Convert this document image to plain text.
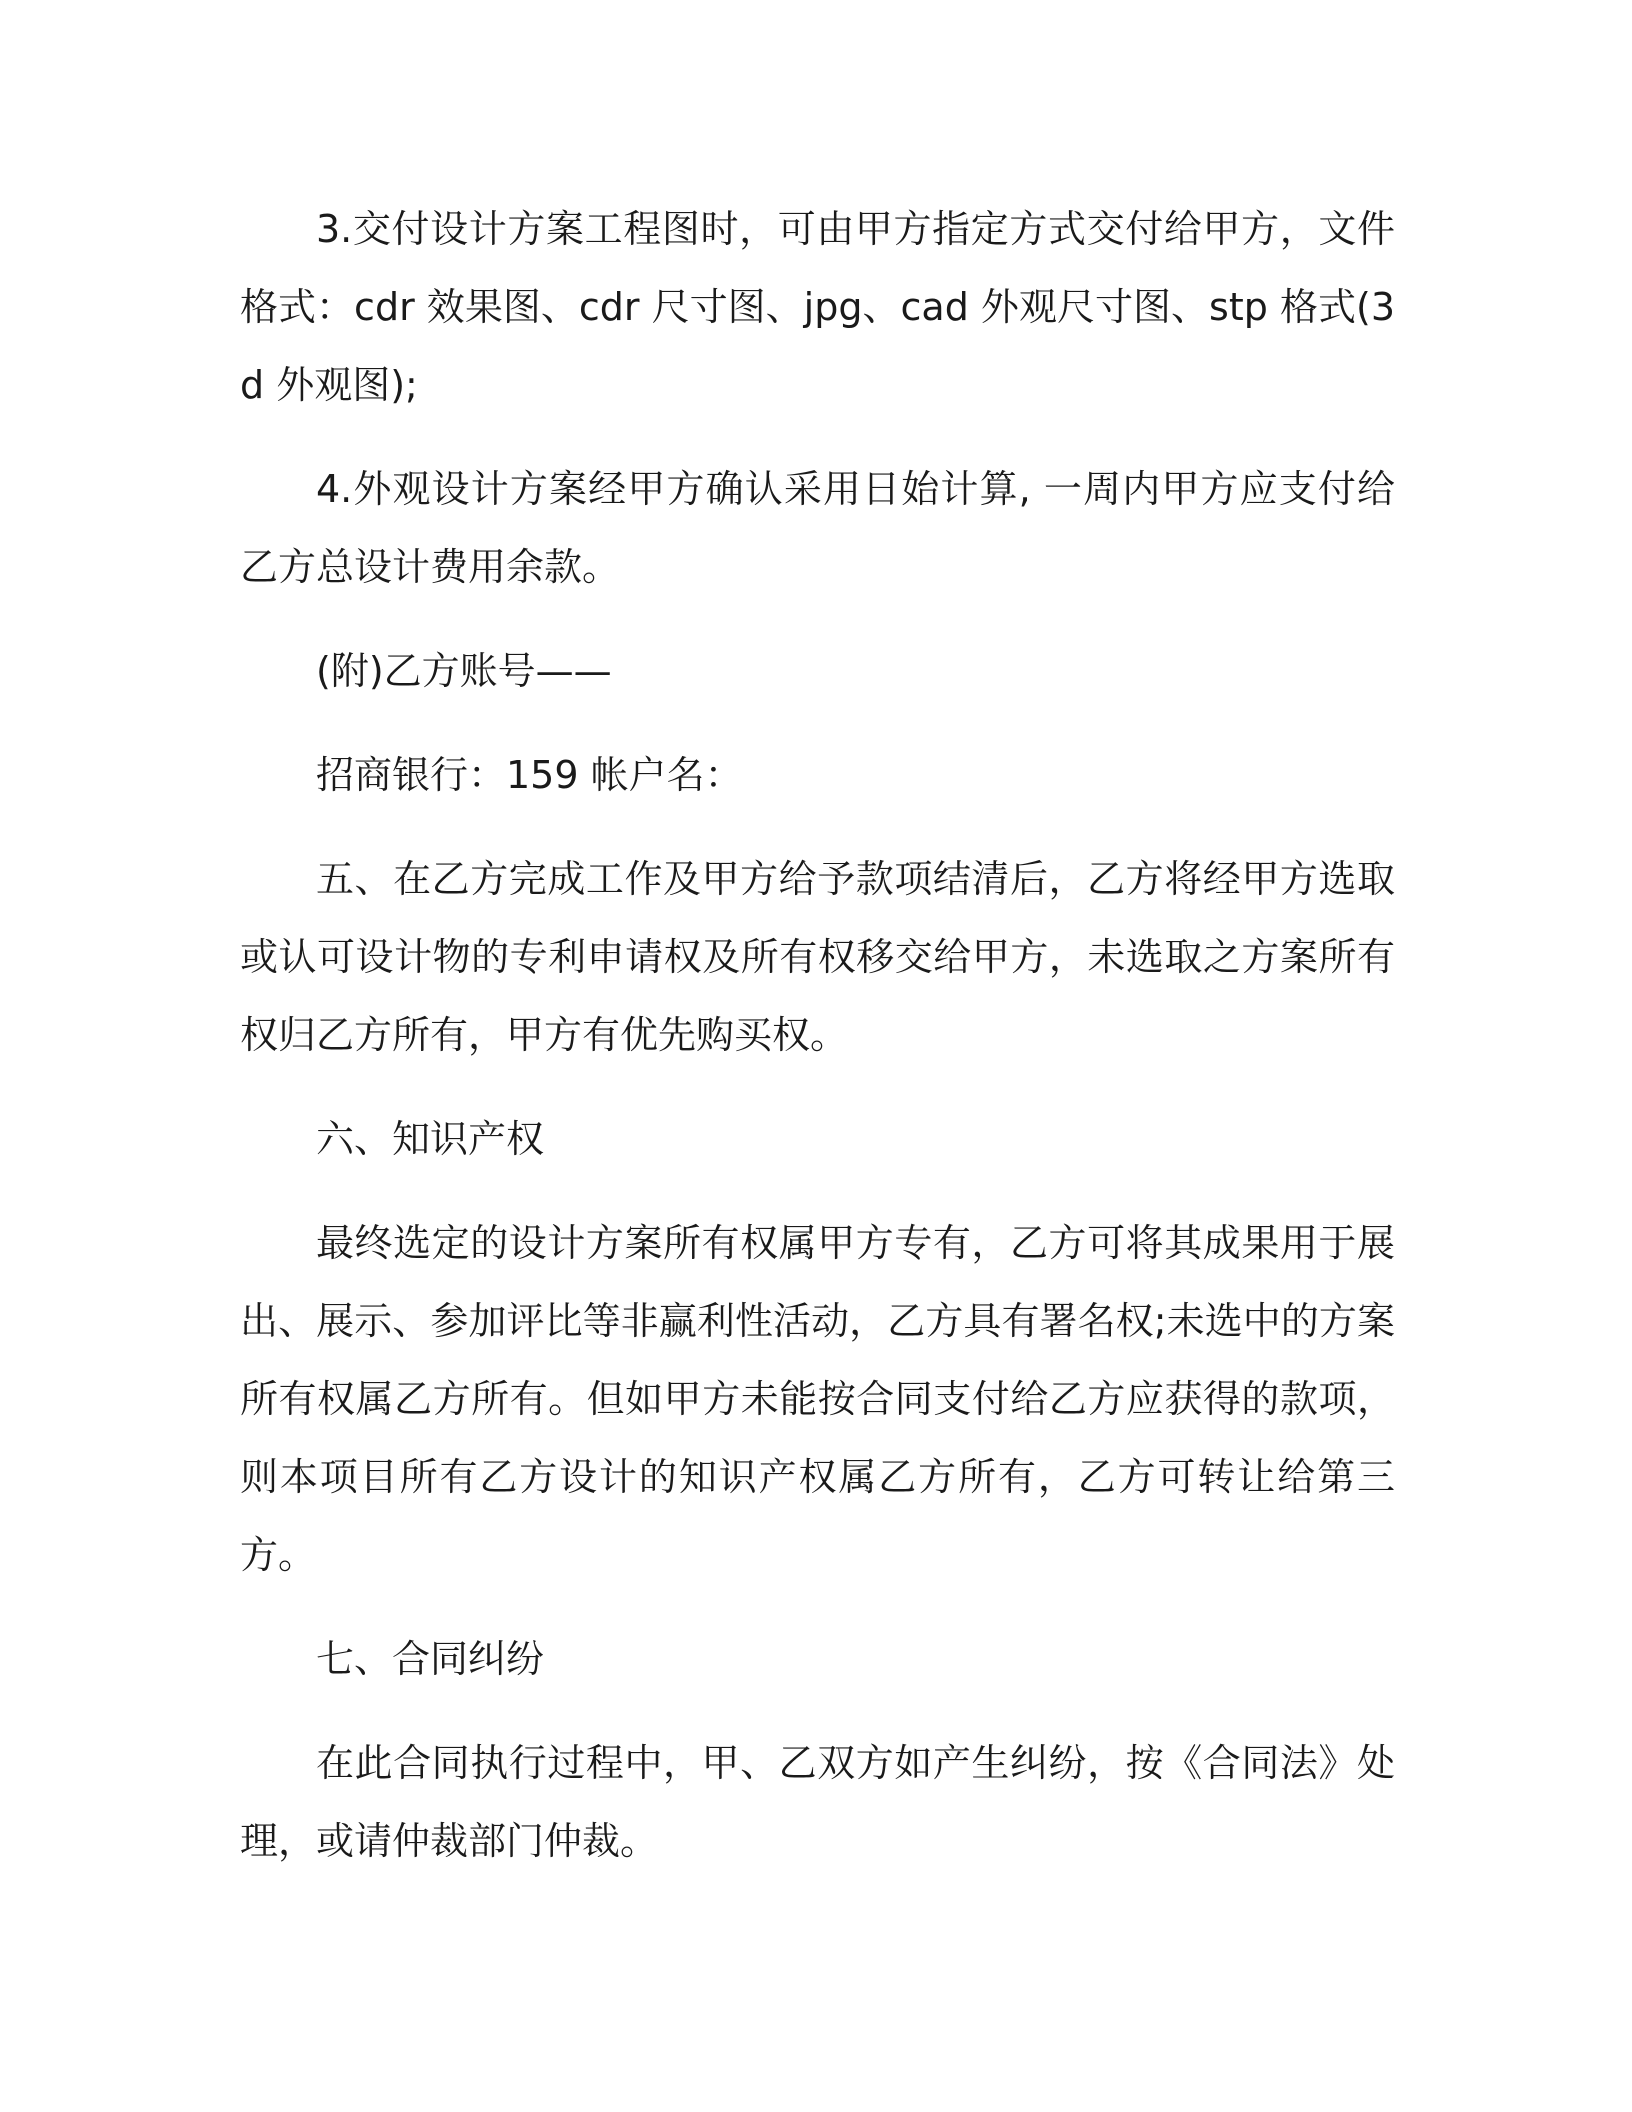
3.交付设计方案工程图时，可由甲方指定方式交付给甲方，文件格式：cdr 效果图、cdr 尺寸图、jpg、cad 外观尺寸图、stp 格式(3d 外观图);

4.外观设计方案经甲方确认采用日始计算, 一周内甲方应支付给乙方总设计费用余款。

(附)乙方账号——

招商银行：159 帐户名：

五、在乙方完成工作及甲方给予款项结清后，乙方将经甲方选取或认可设计物的专利申请权及所有权移交给甲方，未选取之方案所有权归乙方所有，甲方有优先购买权。

六、知识产权

最终选定的设计方案所有权属甲方专有，乙方可将其成果用于展出、展示、参加评比等非赢利性活动，乙方具有署名权;未选中的方案所有权属乙方所有。但如甲方未能按合同支付给乙方应获得的款项，则本项目所有乙方设计的知识产权属乙方所有，乙方可转让给第三方。

七、合同纠纷

在此合同执行过程中，甲、乙双方如产生纠纷，按《合同法》处理，或请仲裁部门仲裁。
